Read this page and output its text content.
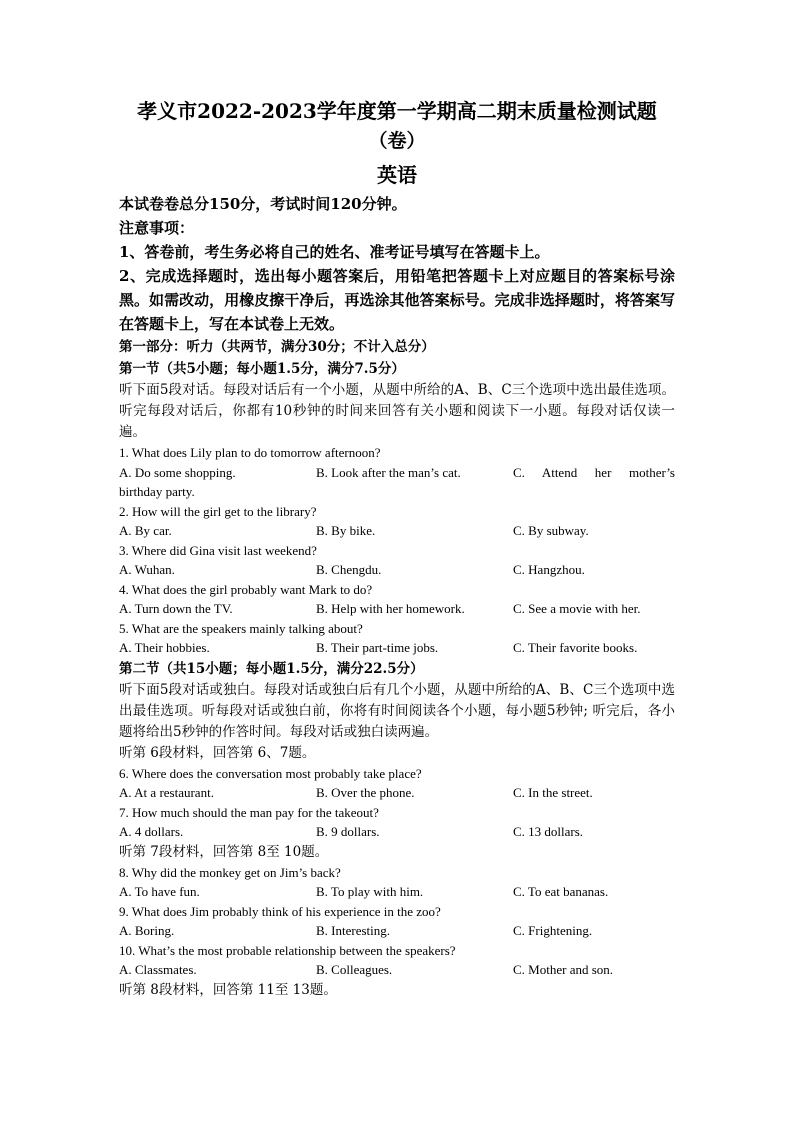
孝义市2022-2023学年度第一学期高二期末质量检测试题

（卷）

英语

本试卷卷总分150分，考试时间120分钟。

注意事项：

1、答卷前，考生务必将自己的姓名、准考证号填写在答题卡上。

2、完成选择题时，选出每小题答案后，用铅笔把答题卡上对应题目的答案标号涂黑。如需改动，用橡皮擦干净后，再选涂其他答案标号。完成非选择题时，将答案写在答题卡上，写在本试卷上无效。

第一部分：听力（共两节，满分30分；不计入总分）

第一节（共5小题；每小题1.5分，满分7.5分）

听下面5段对话。每段对话后有一个小题，从题中所给的A、B、C三个选项中选出最佳选项。听完每段对话后，你都有10秒钟的时间来回答有关小题和阅读下一小题。每段对话仅读一遍。

1. What does Lily plan to do tomorrow afternoon?

A. Do some shopping.	B. Look after the man’s cat.	C. Attend her mother’s

birthday party.

2. How will the girl get to the library?

A. By car.	B. By bike.	C. By subway.

3. Where did Gina visit last weekend?

A. Wuhan.	B. Chengdu.	C. Hangzhou.

4. What does the girl probably want Mark to do?

A. Turn down the TV.	B. Help with her homework.	C. See a movie with her.

5. What are the speakers mainly talking about?

A. Their hobbies.	B. Their part-time jobs.	C. Their favorite books.

第二节（共15小题；每小题1.5分，满分22.5分）

听下面5段对话或独白。每段对话或独白后有几个小题，从题中所给的A、B、C三个选项中选出最佳选项。听每段对话或独白前，你将有时间阅读各个小题，每小题5秒钟; 听完后，各小题将给出5秒钟的作答时间。每段对话或独白读两遍。

听第 6段材料，回答第 6、7题。

6. Where does the conversation most probably take place?

A. At a restaurant.	B. Over the phone.	C. In the street.

7. How much should the man pay for the takeout?

A. 4 dollars.	B. 9 dollars.	C. 13 dollars.

听第 7段材料，回答第 8至 10题。

8. Why did the monkey get on Jim’s back?

A. To have fun.	B. To play with him.	C. To eat bananas.

9. What does Jim probably think of his experience in the zoo?

A. Boring.	B. Interesting.	C. Frightening.

10. What’s the most probable relationship between the speakers?

A. Classmates.	B. Colleagues.	C. Mother and son.

听第 8段材料，回答第 11至 13题。
